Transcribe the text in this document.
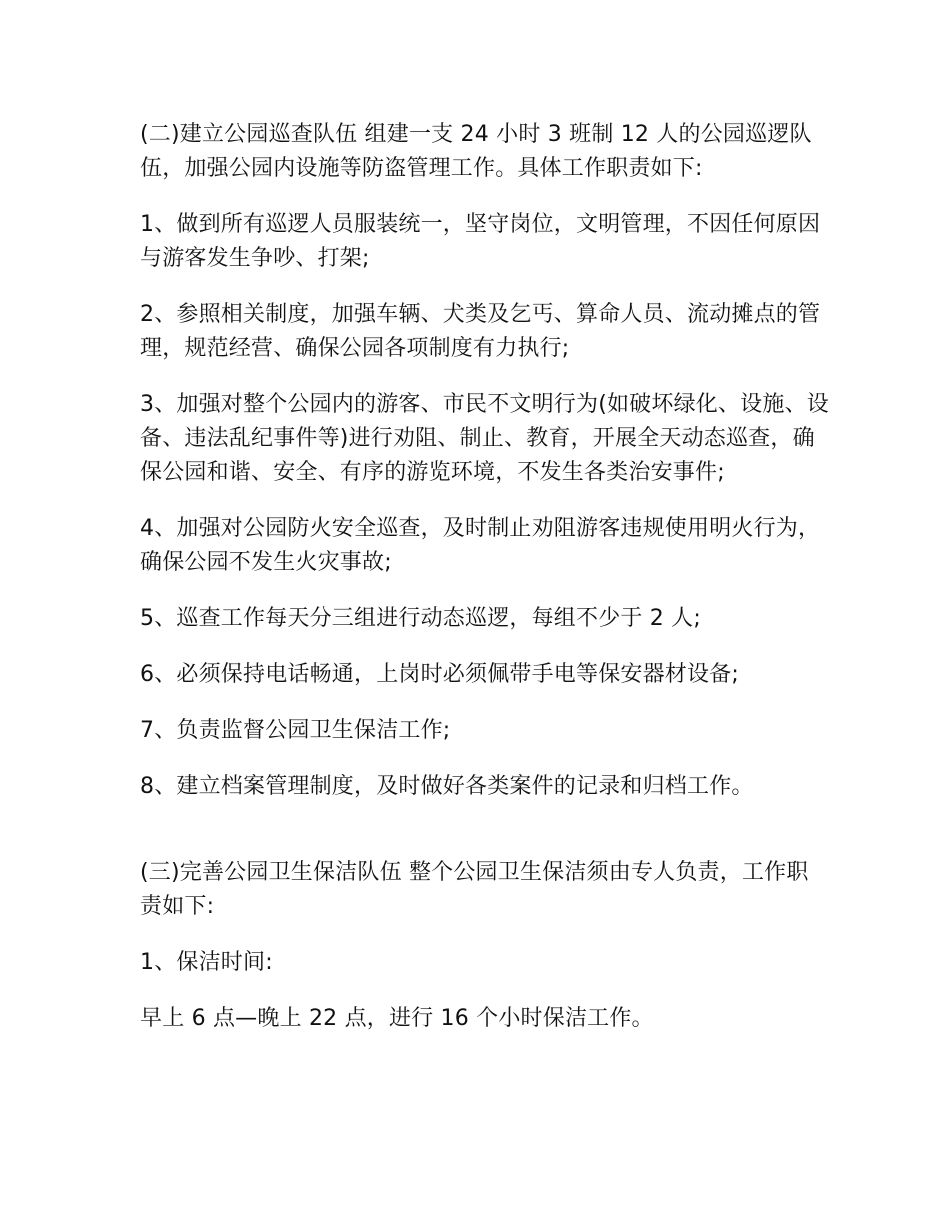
(二)建立公园巡查队伍 组建一支 24 小时 3 班制 12 人的公园巡逻队伍，加强公园内设施等防盗管理工作。具体工作职责如下:

1、做到所有巡逻人员服装统一，坚守岗位，文明管理，不因任何原因与游客发生争吵、打架;

2、参照相关制度，加强车辆、犬类及乞丐、算命人员、流动摊点的管理，规范经营、确保公园各项制度有力执行;

3、加强对整个公园内的游客、市民不文明行为(如破坏绿化、设施、设备、违法乱纪事件等)进行劝阻、制止、教育，开展全天动态巡查，确保公园和谐、安全、有序的游览环境，不发生各类治安事件;

4、加强对公园防火安全巡查，及时制止劝阻游客违规使用明火行为，确保公园不发生火灾事故;

5、巡查工作每天分三组进行动态巡逻，每组不少于 2 人;

6、必须保持电话畅通，上岗时必须佩带手电等保安器材设备;

7、负责监督公园卫生保洁工作;

8、建立档案管理制度，及时做好各类案件的记录和归档工作。

(三)完善公园卫生保洁队伍 整个公园卫生保洁须由专人负责，工作职责如下:

1、保洁时间:

早上 6 点—晚上 22 点，进行 16 个小时保洁工作。
